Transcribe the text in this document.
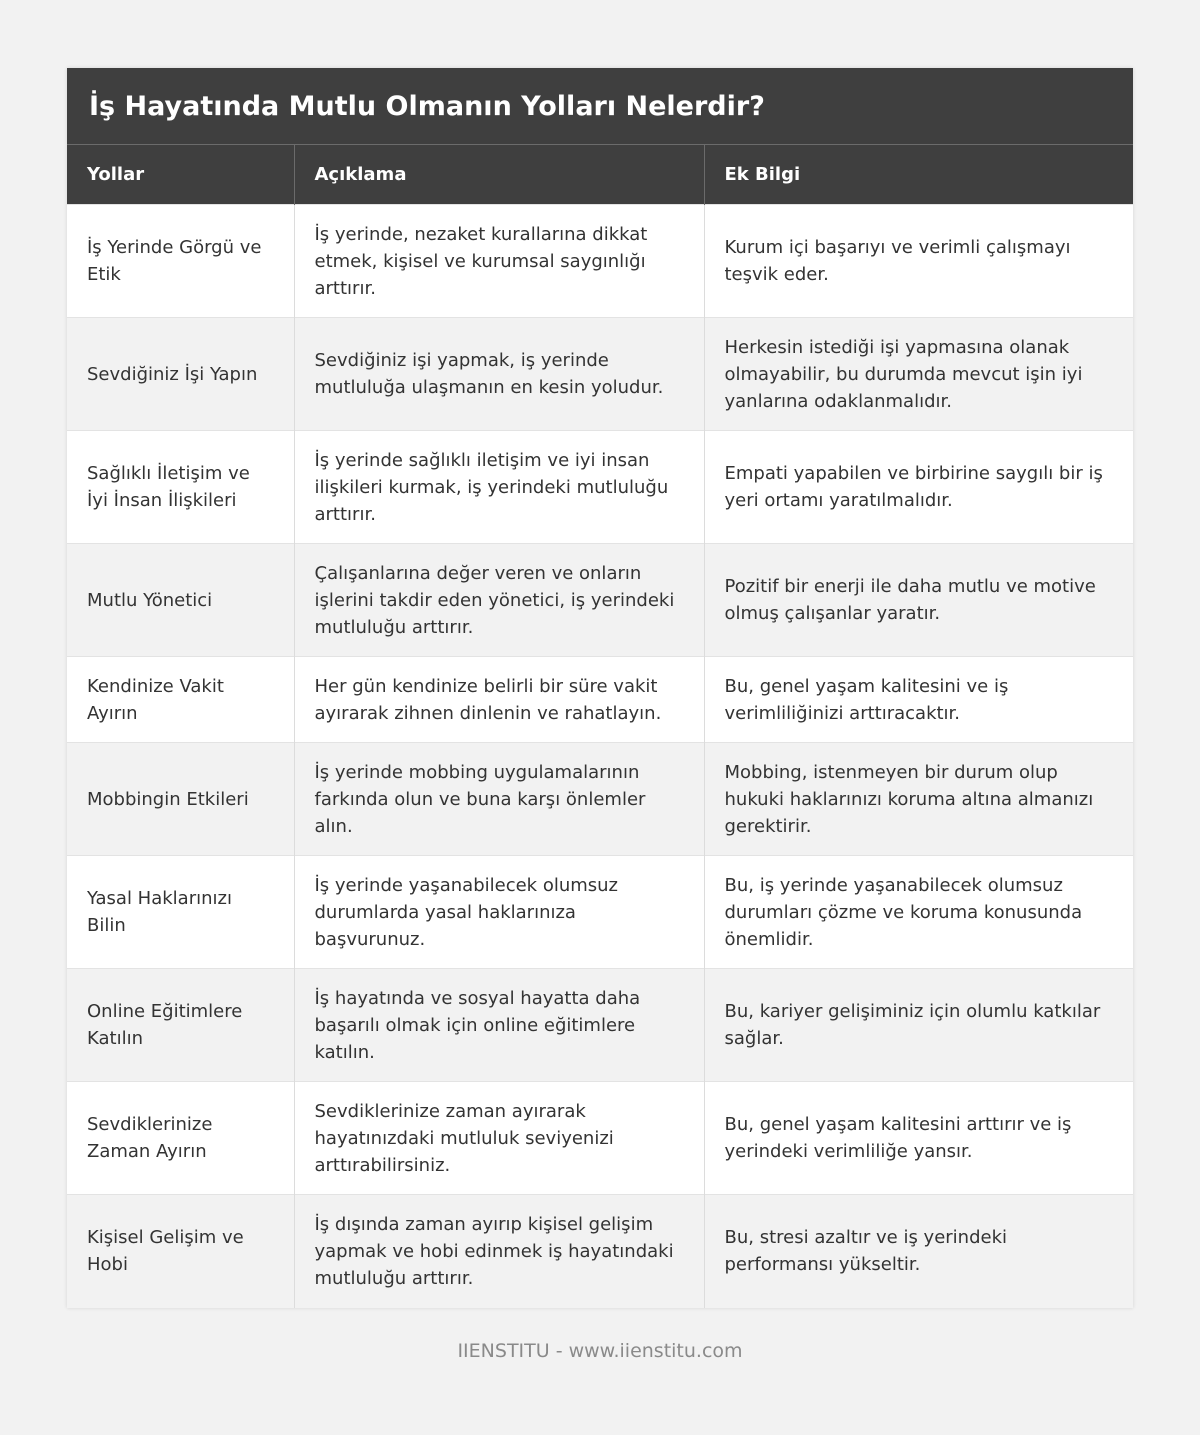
İş Hayatında Mutlu Olmanın Yolları Nelerdir?
Yollar	Açıklama	Ek Bilgi
İş Yerinde Görgü ve Etik	İş yerinde, nezaket kurallarına dikkat etmek, kişisel ve kurumsal saygınlığı arttırır.	Kurum içi başarıyı ve verimli çalışmayı teşvik eder.
Sevdiğiniz İşi Yapın	Sevdiğiniz işi yapmak, iş yerinde mutluluğa ulaşmanın en kesin yoludur.	Herkesin istediği işi yapmasına olanak olmayabilir, bu durumda mevcut işin iyi yanlarına odaklanmalıdır.
Sağlıklı İletişim ve İyi İnsan İlişkileri	İş yerinde sağlıklı iletişim ve iyi insan ilişkileri kurmak, iş yerindeki mutluluğu arttırır.	Empati yapabilen ve birbirine saygılı bir iş yeri ortamı yaratılmalıdır.
Mutlu Yönetici	Çalışanlarına değer veren ve onların işlerini takdir eden yönetici, iş yerindeki mutluluğu arttırır.	Pozitif bir enerji ile daha mutlu ve motive olmuş çalışanlar yaratır.
Kendinize Vakit Ayırın	Her gün kendinize belirli bir süre vakit ayırarak zihnen dinlenin ve rahatlayın.	Bu, genel yaşam kalitesini ve iş verimliliğinizi arttıracaktır.
Mobbingin Etkileri	İş yerinde mobbing uygulamalarının farkında olun ve buna karşı önlemler alın.	Mobbing, istenmeyen bir durum olup hukuki haklarınızı koruma altına almanızı gerektirir.
Yasal Haklarınızı Bilin	İş yerinde yaşanabilecek olumsuz durumlarda yasal haklarınıza başvurunuz.	Bu, iş yerinde yaşanabilecek olumsuz durumları çözme ve koruma konusunda önemlidir.
Online Eğitimlere Katılın	İş hayatında ve sosyal hayatta daha başarılı olmak için online eğitimlere katılın.	Bu, kariyer gelişiminiz için olumlu katkılar sağlar.
Sevdiklerinize Zaman Ayırın	Sevdiklerinize zaman ayırarak hayatınızdaki mutluluk seviyenizi arttırabilirsiniz.	Bu, genel yaşam kalitesini arttırır ve iş yerindeki verimliliğe yansır.
Kişisel Gelişim ve Hobi	İş dışında zaman ayırıp kişisel gelişim yapmak ve hobi edinmek iş hayatındaki mutluluğu arttırır.	Bu, stresi azaltır ve iş yerindeki performansı yükseltir.
IIENSTITU - www.iienstitu.com
